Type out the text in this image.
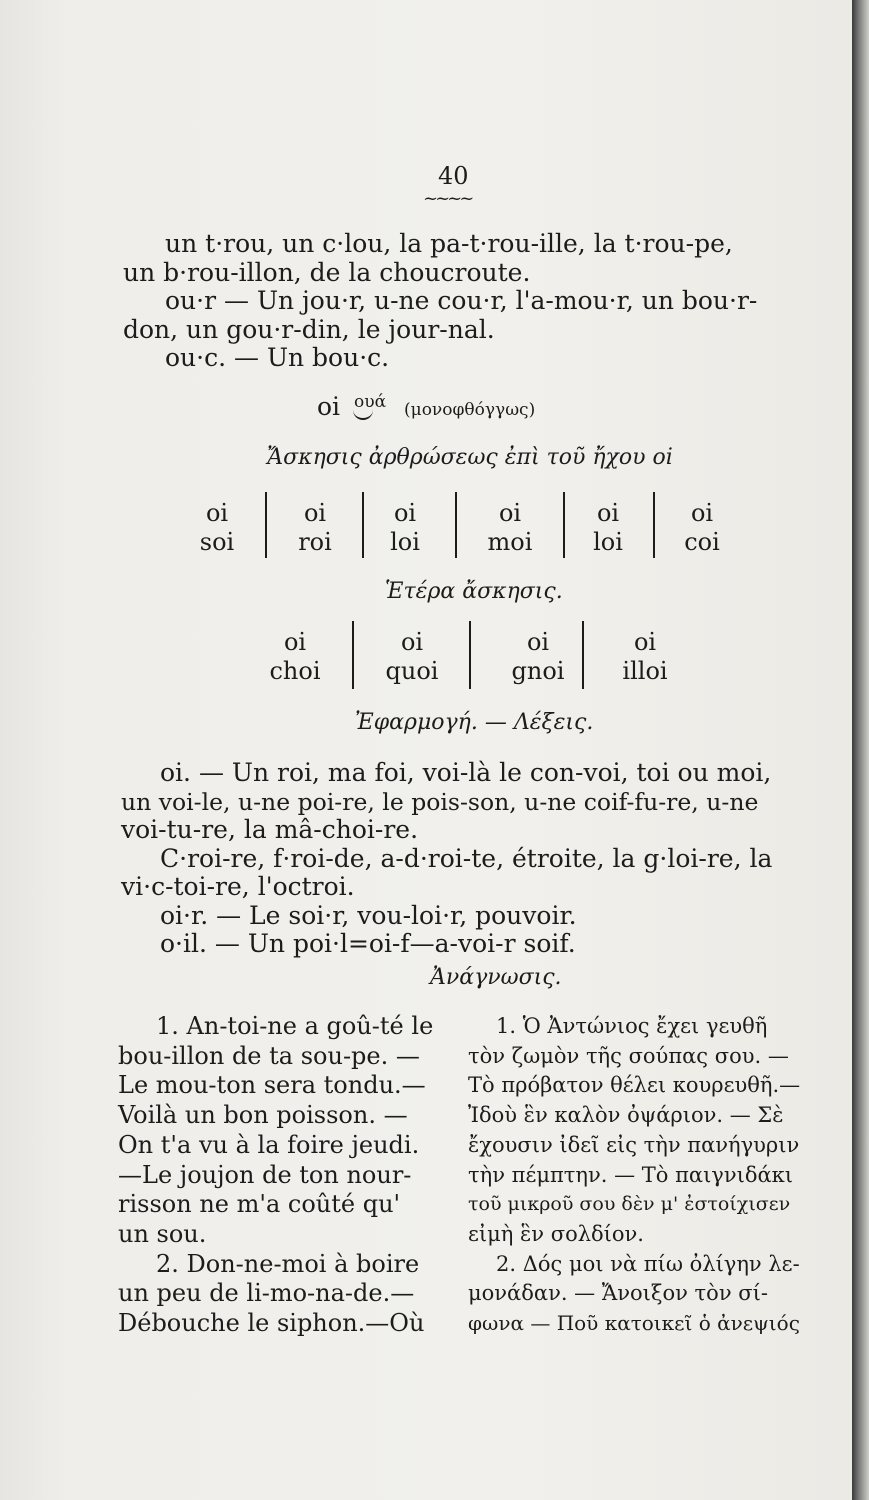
40
~~~~
un t·rou, un c·lou, la pa-t·rou-ille, la t·rou-pe,
un b·rou-illon, de la choucroute.
ou·r — Un jou·r, u-ne cou·r, l'a-mou·r, un bou·r-
don, un gou·r-din, le jour-nal.
ou·c. — Un bou·c.
oi $^{o\upsilon ά}$ (μονοφθόγγως)
Ἄσκησις ἀρθρώσεως ἐπὶ τοῦ ἤχου oi
oi
soi
oi
roi
oi
loi
oi
moi
oi
loi
oi
coi
Ἑτέρα ἄσκησις.
oi
choi
oi
quoi
oi
gnoi
oi
illoi
Ἐφαρμογή. — Λέξεις.
oi. — Un roi, ma foi, voi-là le con-voi, toi ou moi,
un voi-le, u-ne poi-re, le pois-son, u-ne coif-fu-re, u-ne
voi-tu-re, la mâ-choi-re.
C·roi-re, f·roi-de, a-d·roi-te, étroite, la g·loi-re, la
vi·c-toi-re, l'octroi.
oi·r. — Le soi·r, vou-loi·r, pouvoir.
o·il. — Un poi·l=oi-f—a-voi-r soif.
Ἀνάγνωσις.
1. An-toi-ne a goû-té le
bou-illon de ta sou-pe. —
Le mou-ton sera tondu.—
Voilà un bon poisson. —
On t'a vu à la foire jeudi.
—Le joujon de ton nour-
risson ne m'a coûté qu'
un sou.
2. Don-ne-moi à boire
un peu de li-mo-na-de.—
Débouche le siphon.—Où
1. Ὁ Ἀντώνιος ἔχει γευθῆ
τὸν ζωμὸν τῆς σούπας σου. —
Τὸ πρόβατον θέλει κουρευθῆ.—
Ἰδοὺ ἓν καλὸν ὀψάριον. — Σὲ
ἔχουσιν ἰδεῖ εἰς τὴν πανήγυριν
τὴν πέμπτην. — Τὸ παιγνιδάκι
τοῦ μικροῦ σου δὲν μ' ἐστοίχισεν
εἰμὴ ἓν σολδίον.
2. Δός μοι νὰ πίω ὀλίγην λε-
μονάδαν. — Ἄνοιξον τὸν σί-
φωνα — Ποῦ κατοικεῖ ὁ ἀνεψιός
